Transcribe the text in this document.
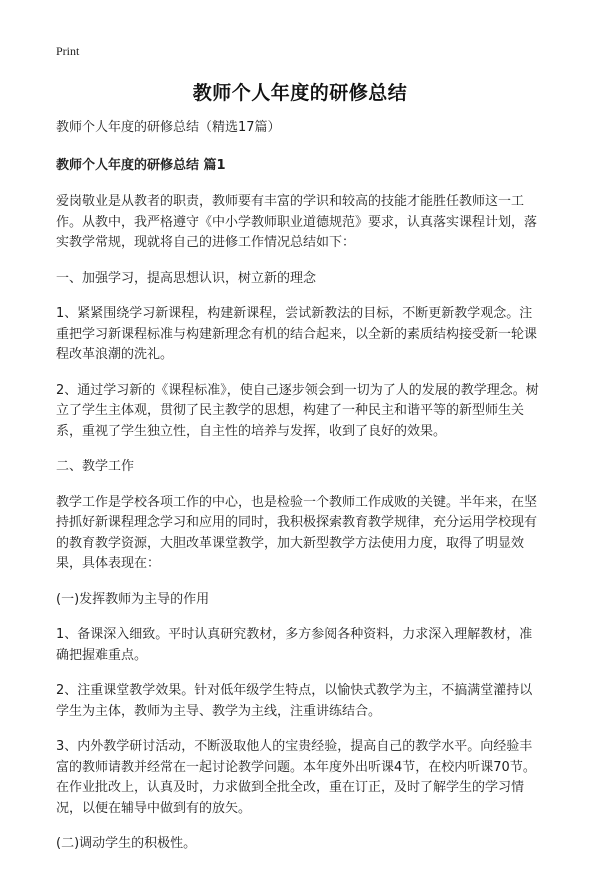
Print
教师个人年度的研修总结

教师个人年度的研修总结（精选17篇）

教师个人年度的研修总结 篇1

爱岗敬业是从教者的职责，教师要有丰富的学识和较高的技能才能胜任教师这一工作。从教中，我严格遵守《中小学教师职业道德规范》要求，认真落实课程计划，落实教学常规，现就将自己的进修工作情况总结如下：

一、加强学习，提高思想认识，树立新的理念

1、紧紧围绕学习新课程，构建新课程，尝试新教法的目标，不断更新教学观念。注重把学习新课程标准与构建新理念有机的结合起来，以全新的素质结构接受新一轮课程改革浪潮的洗礼。

2、通过学习新的《课程标准》，使自己逐步领会到一切为了人的发展的教学理念。树立了学生主体观，贯彻了民主教学的思想，构建了一种民主和谐平等的新型师生关系，重视了学生独立性，自主性的培养与发挥，收到了良好的效果。

二、教学工作

教学工作是学校各项工作的中心，也是检验一个教师工作成败的关键。半年来，在坚持抓好新课程理念学习和应用的同时，我积极探索教育教学规律，充分运用学校现有的教育教学资源，大胆改革课堂教学，加大新型教学方法使用力度，取得了明显效果，具体表现在：

(一)发挥教师为主导的作用

1、备课深入细致。平时认真研究教材，多方参阅各种资料，力求深入理解教材，准确把握难重点。

2、注重课堂教学效果。针对低年级学生特点，以愉快式教学为主，不搞满堂灌持以学生为主体，教师为主导、教学为主线，注重讲练结合。

3、内外教学研讨活动，不断汲取他人的宝贵经验，提高自己的教学水平。向经验丰富的教师请教并经常在一起讨论教学问题。本年度外出听课4节，在校内听课70节。在作业批改上，认真及时，力求做到全批全改，重在订正，及时了解学生的学习情况，以便在辅导中做到有的放矢。

(二)调动学生的积极性。
